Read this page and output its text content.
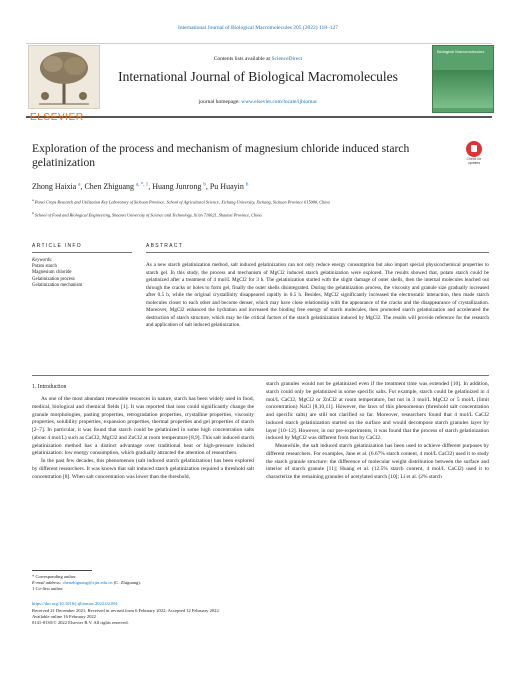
International Journal of Biological Macromolecules 205 (2022) 118–127
ELSEVIER
Contents lists available at ScienceDirect
International Journal of Biological Macromolecules
journal homepage: www.elsevier.com/locate/ijbiomac
Biological Macromolecules
Exploration of the process and mechanism of magnesium chloride induced starch gelatinization	Check for updates
Zhong Haixia $^a$, Chen Zhiguang $^{a, *, 1}$, Huang Junrong $^b$, Pu Huayin $^b$
$^a$ Panxi Crops Research and Utilization Key Laboratory of Sichuan Province, School of Agricultural Science, Xichang University, Xichang, Sichuan Province 615000, China
$^b$ School of Food and Biological Engineering, Shaanxi University of Science and Technology, Xi'an 710021, Shaanxi Province, China
ARTICLE INFO	ABSTRACT
Keywords:
Potato starch
Magnesium chloride
Gelatinization process
Gelatinization mechanism
As a new starch gelatinization method, salt induced gelatinization can not only reduce energy consumption but also impart special physicochemical properties to starch gel. In this study, the process and mechanism of MgCl2 induced starch gelatinization were explored. The results showed that, potato starch could be gelatinized after a treatment of 4 mol/L MgCl2 for 3 h. The gelatinization started with the slight damage of outer shells, then the internal molecules leached out through the cracks or holes to form gel, finally the outer shells disintegrated. During the gelatinization process, the viscosity and granule size gradually increased after 0.5 h, while the original crystallinity disappeared rapidly in 0.5 h. Besides, MgCl2 significantly increased the electrostatic interaction, then made starch molecules closer to each other and become denser, which may have close relationship with the appearance of the cracks and the disappearance of crystallization. Moreover, MgCl2 enhanced the hydration and increased the binding free energy of starch molecules, then promoted starch gelatinization and accelerated the destruction of starch structure, which may be the critical factors of the starch gelatinization induced by MgCl2. The results will provide reference for the research and application of salt induced gelatinization.
1. Introduction

As one of the most abundant renewable resources in nature, starch has been widely used in food, medical, biological and chemical fields [1]. It was reported that ions could significantly change the granule morphologies, pasting properties, retrogradation properties, crystalline properties, viscosity properties, solubility properties, expansion properties, thermal properties and gel properties of starch [2–7]. In particular, it was found that starch could be gelatinized in some high concentration salts (about 4 mol/L) such as CaCl2, MgCl2 and ZnCl2 at room temperature [8,9]. This salt induced starch gelatinization method has a distinct advantage over traditional heat or high-pressure induced gelatinization: low energy consumption, which gradually attracted the attention of researchers.

In the past few decades, this phenomenon (salt induced starch gelatinization) has been explored by different researchers. It was known that salt induced starch gelatinization required a threshold salt concentration [8]. When salt concentration was lower than the threshold,

starch granules would not be gelatinized even if the treatment time was extended [10]. In addition, starch could only be gelatinized in some specific salts. For example, starch could be gelatinized in 4 mol/L CaCl2, MgCl2 or ZnCl2 at room temperature, but not in 3 mol/L MgCl2 or 5 mol/L (limit concentration) NaCl [8,10,11]. However, the laws of this phenomenon (threshold salt concentration and specific salts) are still not clarified so far. Moreover, researchers found that 4 mol/L CaCl2 induced starch gelatinization started on the surface and would decompose starch granules layer by layer [10–12]. However, in our pre-experiments, it was found that the process of starch gelatinization induced by MgCl2 was different from that by CaCl2.

Meanwhile, the salt induced starch gelatinization has been used to achieve different purposes by different researchers. For examples, Jane et al. (6.67% starch content, 4 mol/L CaCl2) used it to study the starch granule structure: the difference of molecular weight distribution between the surface and interior of starch granule [11]; Huang et al. (12.5% starch content, 4 mol/L CaCl2) used it to characterize the remaining granules of acetylated starch [10]; Li et al. (2% starch

* Corresponding author.
E-mail address: chenzhiguang@xjtu.edu.cn (C. Zhiguang).
1 Co-first author.
https://doi.org/10.1016/j.ijbiomac.2022.02.061
Received 21 December 2021; Received in revised form 6 February 2022; Accepted 12 February 2022
Available online 16 February 2022
0141-8130/© 2022 Elsevier B.V. All rights reserved.
